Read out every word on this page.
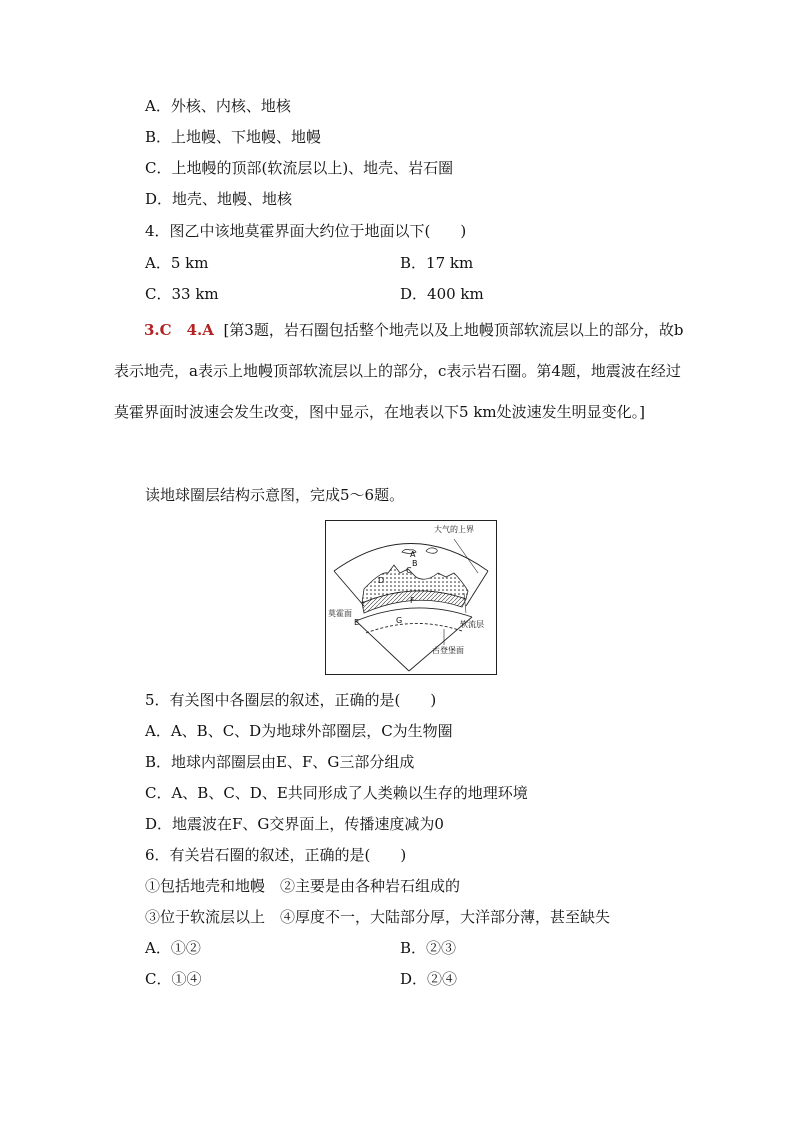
A．外核、内核、地核
B．上地幔、下地幔、地幔
C．上地幔的顶部(软流层以上)、地壳、岩石圈
D．地壳、地幔、地核
4．图乙中该地莫霍界面大约位于地面以下(　　)
A．5 km	B．17 km
C．33 km	D．400 km
3.C　4.A [第3题，岩石圈包括整个地壳以及上地幔顶部软流层以上的部分，故b表示地壳，a表示上地幔顶部软流层以上的部分，c表示岩石圈。第4题，地震波在经过莫霍界面时波速会发生改变，图中显示，在地表以下5 km处波速发生明显变化。]
读地球圈层结构示意图，完成5～6题。
大气的上界
A
B
C
D
莫霍面
E
F
G	软流层
古登堡面
5．有关图中各圈层的叙述，正确的是(　　)
A．A、B、C、D为地球外部圈层，C为生物圈
B．地球内部圈层由E、F、G三部分组成
C．A、B、C、D、E共同形成了人类赖以生存的地理环境
D．地震波在F、G交界面上，传播速度减为0
6．有关岩石圈的叙述，正确的是(　　)
①包括地壳和地幔　②主要是由各种岩石组成的
③位于软流层以上　④厚度不一，大陆部分厚，大洋部分薄，甚至缺失
A．①②	B．②③
C．①④	D．②④
